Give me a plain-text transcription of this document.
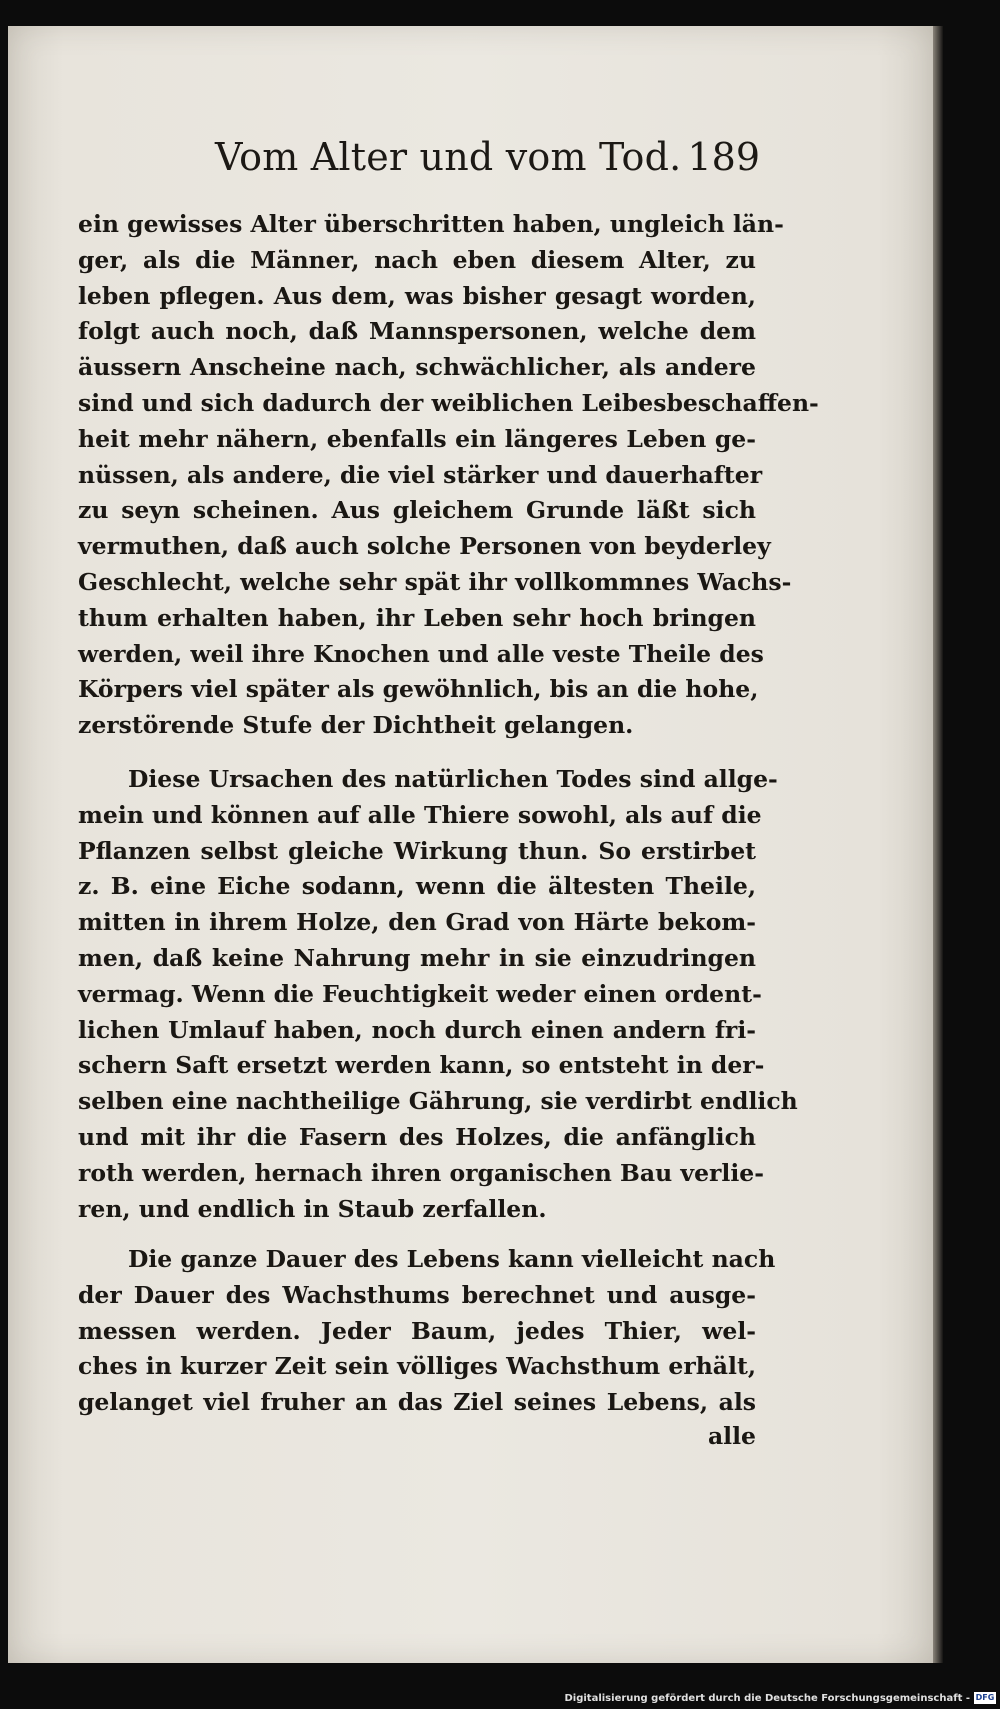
Vom Alter und vom Tod. 189
ein gewisses Alter überschritten haben, ungleich län-
ger, als die Männer, nach eben diesem Alter, zu
leben pflegen. Aus dem, was bisher gesagt worden,
folgt auch noch, daß Mannspersonen, welche dem
äussern Anscheine nach, schwächlicher, als andere
sind und sich dadurch der weiblichen Leibesbeschaffen-
heit mehr nähern, ebenfalls ein längeres Leben ge-
nüssen, als andere, die viel stärker und dauerhafter
zu seyn scheinen. Aus gleichem Grunde läßt sich
vermuthen, daß auch solche Personen von beyderley
Geschlecht, welche sehr spät ihr vollkommnes Wachs-
thum erhalten haben, ihr Leben sehr hoch bringen
werden, weil ihre Knochen und alle veste Theile des
Körpers viel später als gewöhnlich, bis an die hohe,
zerstörende Stufe der Dichtheit gelangen.
Diese Ursachen des natürlichen Todes sind allge-
mein und können auf alle Thiere sowohl, als auf die
Pflanzen selbst gleiche Wirkung thun. So erstirbet
z. B. eine Eiche sodann, wenn die ältesten Theile,
mitten in ihrem Holze, den Grad von Härte bekom-
men, daß keine Nahrung mehr in sie einzudringen
vermag. Wenn die Feuchtigkeit weder einen ordent-
lichen Umlauf haben, noch durch einen andern fri-
schern Saft ersetzt werden kann, so entsteht in der-
selben eine nachtheilige Gährung, sie verdirbt endlich
und mit ihr die Fasern des Holzes, die anfänglich
roth werden, hernach ihren organischen Bau verlie-
ren, und endlich in Staub zerfallen.
Die ganze Dauer des Lebens kann vielleicht nach
der Dauer des Wachsthums berechnet und ausge-
messen werden. Jeder Baum, jedes Thier, wel-
ches in kurzer Zeit sein völliges Wachsthum erhält,
gelanget viel fruher an das Ziel seines Lebens, als
alle
Digitalisierung gefördert durch die Deutsche Forschungsgemeinschaft - DFG
